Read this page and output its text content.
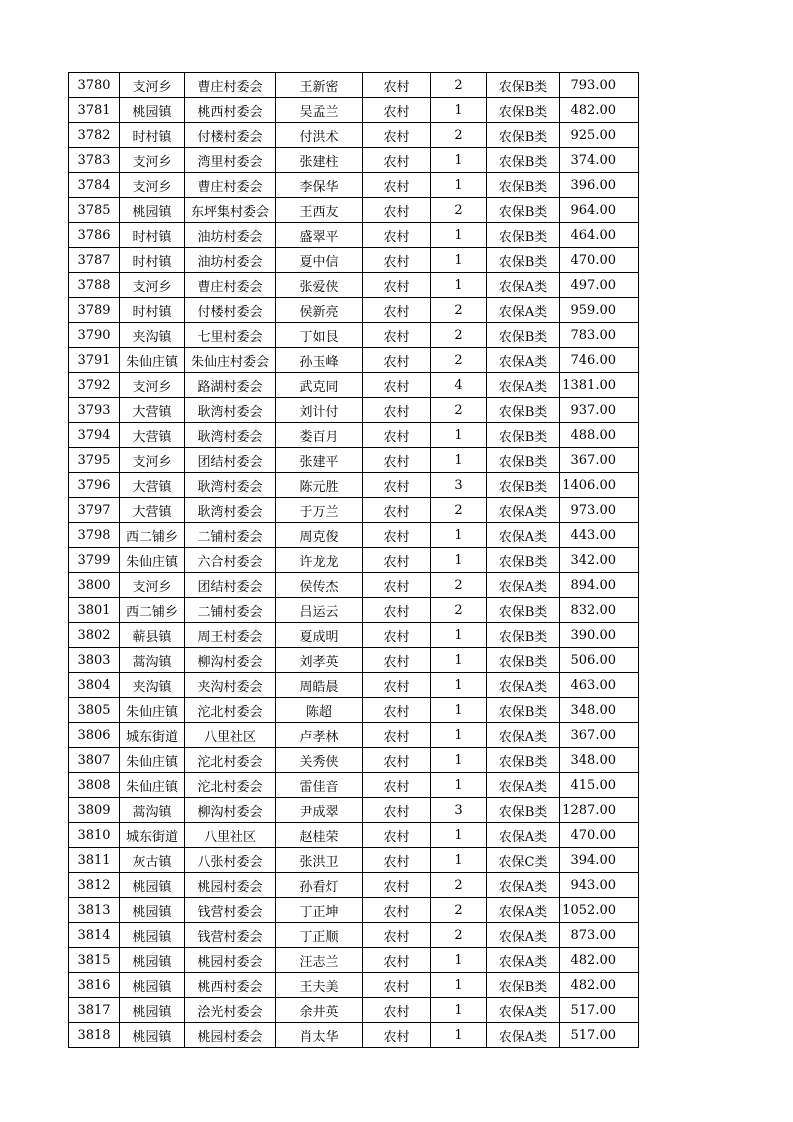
3780	支河乡	曹庄村委会	王新密	农村	2	农保B类	793.00
3781	桃园镇	桃西村委会	吴孟兰	农村	1	农保B类	482.00
3782	时村镇	付楼村委会	付洪术	农村	2	农保B类	925.00
3783	支河乡	湾里村委会	张建柱	农村	1	农保B类	374.00
3784	支河乡	曹庄村委会	李保华	农村	1	农保B类	396.00
3785	桃园镇	东坪集村委会	王西友	农村	2	农保B类	964.00
3786	时村镇	油坊村委会	盛翠平	农村	1	农保B类	464.00
3787	时村镇	油坊村委会	夏中信	农村	1	农保B类	470.00
3788	支河乡	曹庄村委会	张爱侠	农村	1	农保A类	497.00
3789	时村镇	付楼村委会	侯新亮	农村	2	农保A类	959.00
3790	夹沟镇	七里村委会	丁如艮	农村	2	农保B类	783.00
3791	朱仙庄镇	朱仙庄村委会	孙玉峰	农村	2	农保A类	746.00
3792	支河乡	路湖村委会	武克同	农村	4	农保A类	1381.00
3793	大营镇	耿湾村委会	刘计付	农村	2	农保B类	937.00
3794	大营镇	耿湾村委会	娄百月	农村	1	农保B类	488.00
3795	支河乡	团结村委会	张建平	农村	1	农保B类	367.00
3796	大营镇	耿湾村委会	陈元胜	农村	3	农保B类	1406.00
3797	大营镇	耿湾村委会	于万兰	农村	2	农保A类	973.00
3798	西二铺乡	二铺村委会	周克俊	农村	1	农保A类	443.00
3799	朱仙庄镇	六合村委会	许龙龙	农村	1	农保B类	342.00
3800	支河乡	团结村委会	侯传杰	农村	2	农保A类	894.00
3801	西二铺乡	二铺村委会	吕运云	农村	2	农保B类	832.00
3802	蕲县镇	周王村委会	夏成明	农村	1	农保B类	390.00
3803	蒿沟镇	柳沟村委会	刘孝英	农村	1	农保B类	506.00
3804	夹沟镇	夹沟村委会	周皓晨	农村	1	农保A类	463.00
3805	朱仙庄镇	沱北村委会	陈超	农村	1	农保B类	348.00
3806	城东街道	八里社区	卢孝林	农村	1	农保A类	367.00
3807	朱仙庄镇	沱北村委会	关秀侠	农村	1	农保B类	348.00
3808	朱仙庄镇	沱北村委会	雷佳音	农村	1	农保A类	415.00
3809	蒿沟镇	柳沟村委会	尹成翠	农村	3	农保B类	1287.00
3810	城东街道	八里社区	赵桂荣	农村	1	农保A类	470.00
3811	灰古镇	八张村委会	张洪卫	农村	1	农保C类	394.00
3812	桃园镇	桃园村委会	孙看灯	农村	2	农保A类	943.00
3813	桃园镇	钱营村委会	丁正坤	农村	2	农保A类	1052.00
3814	桃园镇	钱营村委会	丁正顺	农村	2	农保A类	873.00
3815	桃园镇	桃园村委会	汪志兰	农村	1	农保A类	482.00
3816	桃园镇	桃西村委会	王夫美	农村	1	农保B类	482.00
3817	桃园镇	浍光村委会	余井英	农村	1	农保A类	517.00
3818	桃园镇	桃园村委会	肖太华	农村	1	农保A类	517.00
